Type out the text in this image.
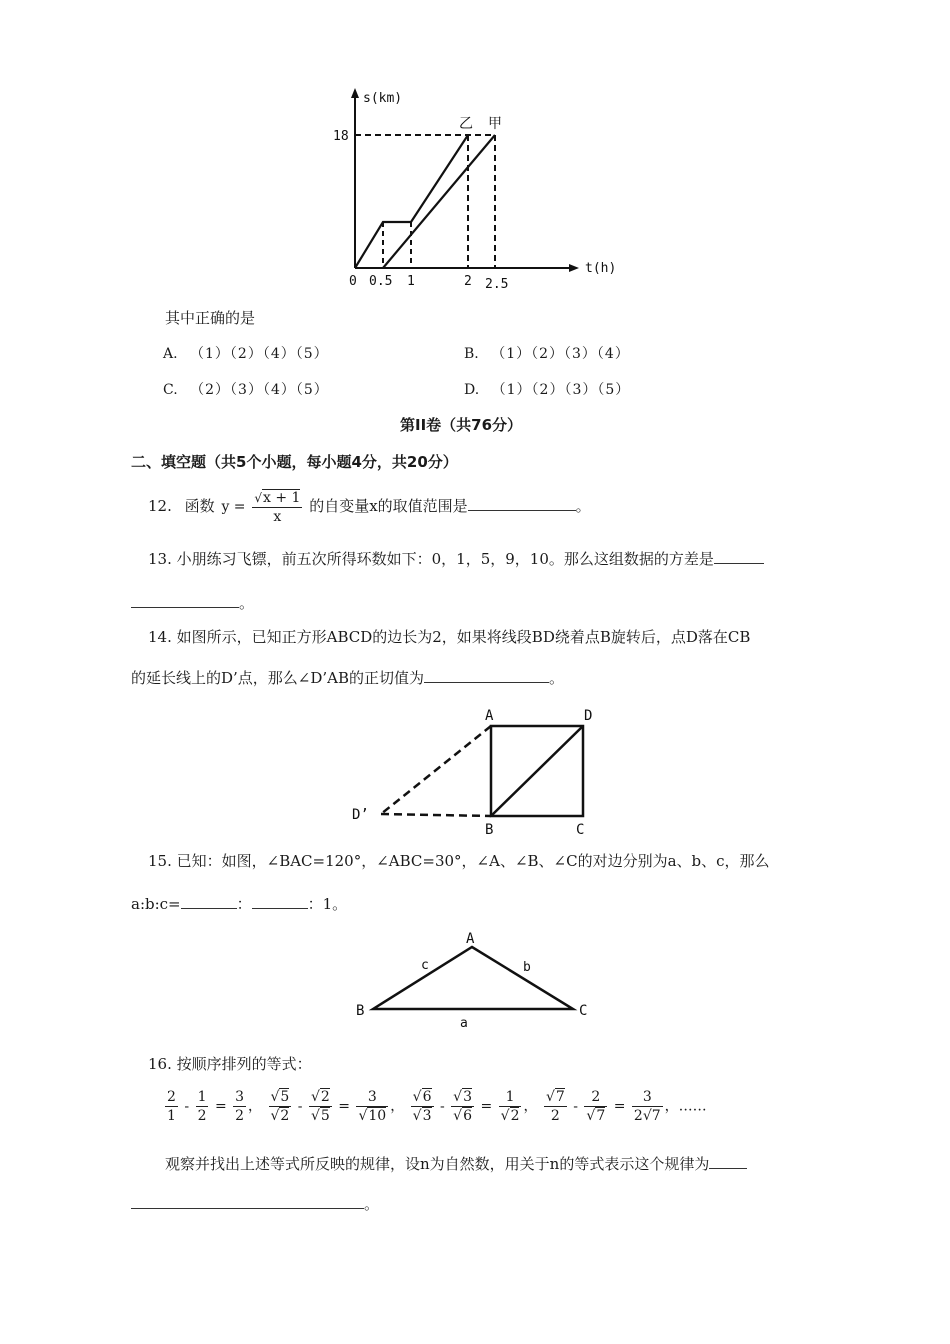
s(km)
t(h)
18
0 0.5 1	2 2.5
乙 甲
其中正确的是
A. （1）（2）（4）（5）	B. （1）（2）（3）（4）
C. （2）（3）（4）（5）	D. （1）（2）（3）（5）
第II卷（共76分）
二、填空题（共5个小题，每小题4分，共20分）
12. 函数 $y = \frac{√x + 1}{x}$ 的自变量x的取值范围是	。
13. 小朋练习飞镖，前五次所得环数如下：0，1，5，9，10。那么这组数据的方差是
。
14. 如图所示，已知正方形ABCD的边长为2，如果将线段BD绕着点B旋转后，点D落在CB
的延长线上的D’点，那么∠D’AB的正切值为	。
A	D
B	C
D’
15. 已知：如图，∠BAC=120°，∠ABC=30°，∠A、∠B、∠C的对边分别为a、b、c，那么
a:b:c=	：	：1。
A
B	C
c	b
a
16. 按顺序排列的等式：
$\frac{2}{1} - \frac{1}{2} = \frac{3}{2}$ ， $\frac{√5}{√2} - \frac{√2}{√5} = \frac{3}{√10}$ ， $\frac{√6}{√3} - \frac{√3}{√6} = \frac{1}{√2}$ ， $\frac{√7}{2} - \frac{2}{√7} = \frac{3}{2√7}$ ，……
观察并找出上述等式所反映的规律，设n为自然数，用关于n的等式表示这个规律为
。
